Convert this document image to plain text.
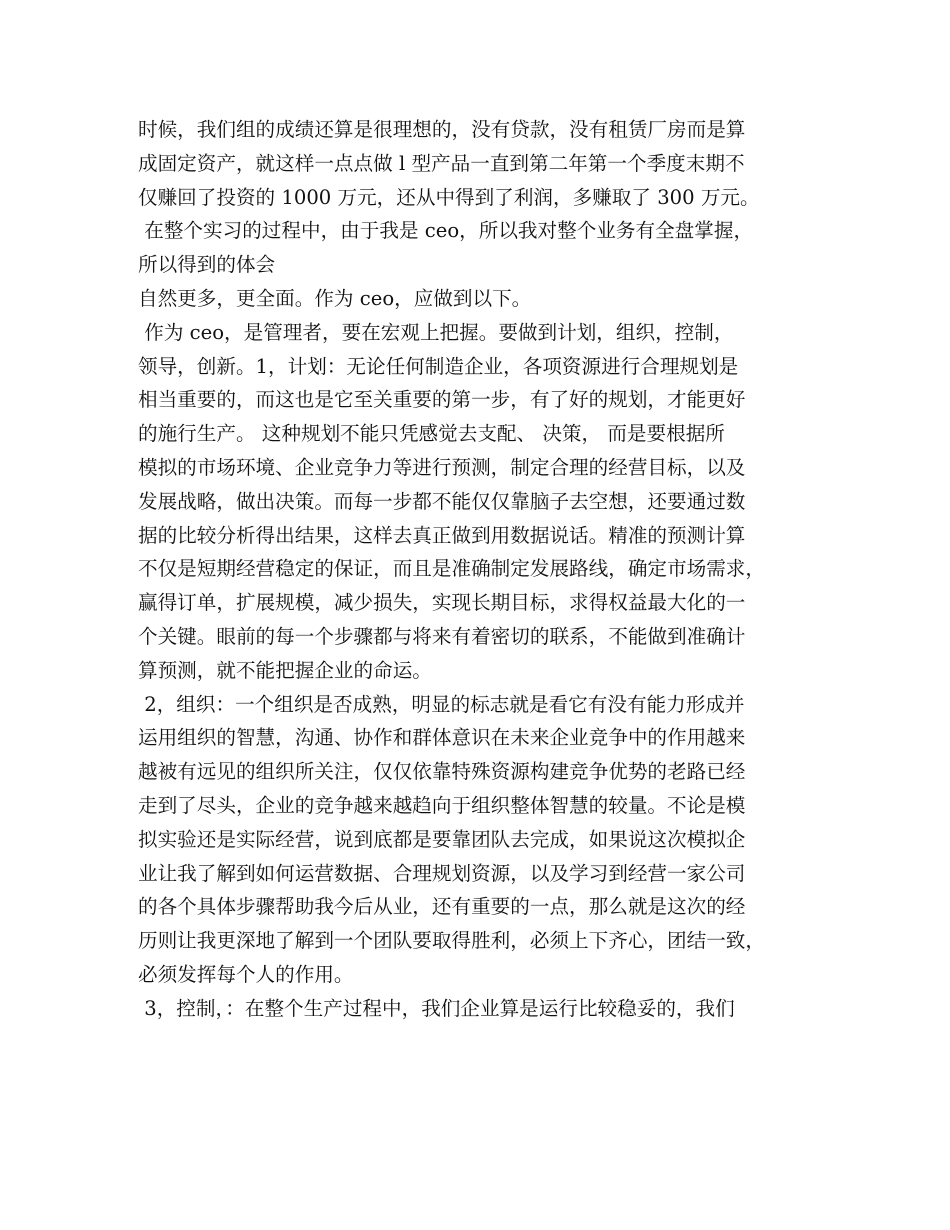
时候，我们组的成绩还算是很理想的，没有贷款，没有租赁厂房而是算
成固定资产，就这样一点点做 l 型产品一直到第二年第一个季度末期不
仅赚回了投资的 1000 万元，还从中得到了利润，多赚取了 300 万元。
在整个实习的过程中，由于我是 ceo，所以我对整个业务有全盘掌握，
所以得到的体会
自然更多，更全面。作为 ceo，应做到以下。
作为 ceo，是管理者，要在宏观上把握。要做到计划，组织，控制，
领导，创新。1，计划：无论任何制造企业，各项资源进行合理规划是
相当重要的，而这也是它至关重要的第一步，有了好的规划，才能更好
的施行生产。 这种规划不能只凭感觉去支配、 决策， 而是要根据所
模拟的市场环境、企业竞争力等进行预测，制定合理的经营目标，以及
发展战略，做出决策。而每一步都不能仅仅靠脑子去空想，还要通过数
据的比较分析得出结果，这样去真正做到用数据说话。精准的预测计算
不仅是短期经营稳定的保证，而且是准确制定发展路线，确定市场需求，
赢得订单，扩展规模，减少损失，实现长期目标，求得权益最大化的一
个关键。眼前的每一个步骤都与将来有着密切的联系，不能做到准确计
算预测，就不能把握企业的命运。
2，组织：一个组织是否成熟，明显的标志就是看它有没有能力形成并
运用组织的智慧，沟通、协作和群体意识在未来企业竞争中的作用越来
越被有远见的组织所关注，仅仅依靠特殊资源构建竞争优势的老路已经
走到了尽头，企业的竞争越来越趋向于组织整体智慧的较量。不论是模
拟实验还是实际经营，说到底都是要靠团队去完成，如果说这次模拟企
业让我了解到如何运营数据、合理规划资源，以及学习到经营一家公司
的各个具体步骤帮助我今后从业，还有重要的一点，那么就是这次的经
历则让我更深地了解到一个团队要取得胜利，必须上下齐心，团结一致，
必须发挥每个人的作用。
3，控制，：在整个生产过程中，我们企业算是运行比较稳妥的，我们
